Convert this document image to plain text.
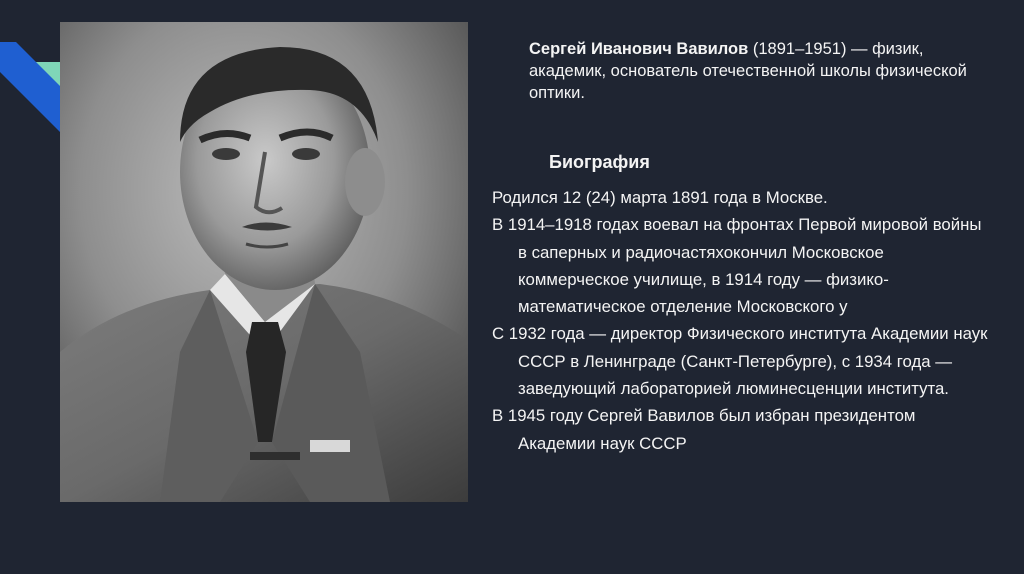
Сергей Иванович Вавилов (1891–1951) — физик, академик, основатель отечественной школы физической оптики.
Биография
Родился 12 (24) марта 1891 года в Москве.
В 1914–1918 годах воевал на фронтах Первой мировой войны в саперных и радиочастяхокончил Московское коммерческое училище, в 1914 году — физико-математическое отделение Московского у
С 1932 года — директор Физического института Академии наук СССР в Ленинграде (Санкт-Петербурге), с 1934 года — заведующий лабораторией люминесценции института.
В 1945 году Сергей Вавилов был избран президентом Академии наук СССР
